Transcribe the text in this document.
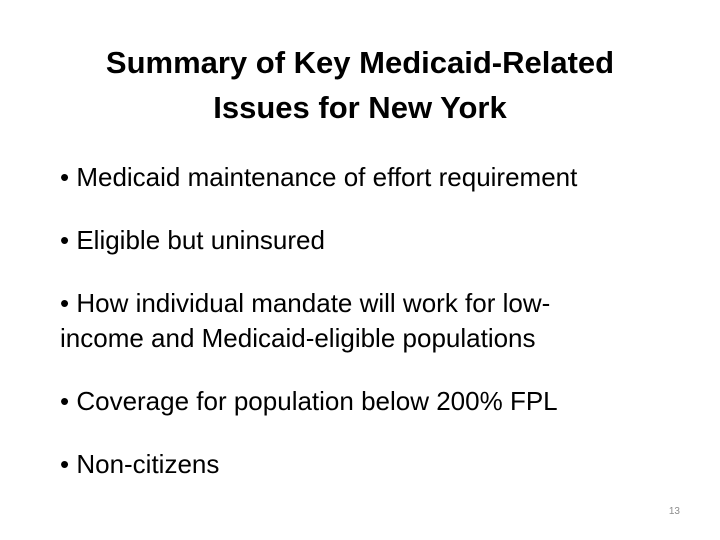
Summary of Key Medicaid-Related
Issues for New York
• Medicaid maintenance of effort requirement
• Eligible but uninsured
• How individual mandate will work for low-
income and Medicaid-eligible populations
• Coverage for population below 200% FPL
• Non-citizens
13
